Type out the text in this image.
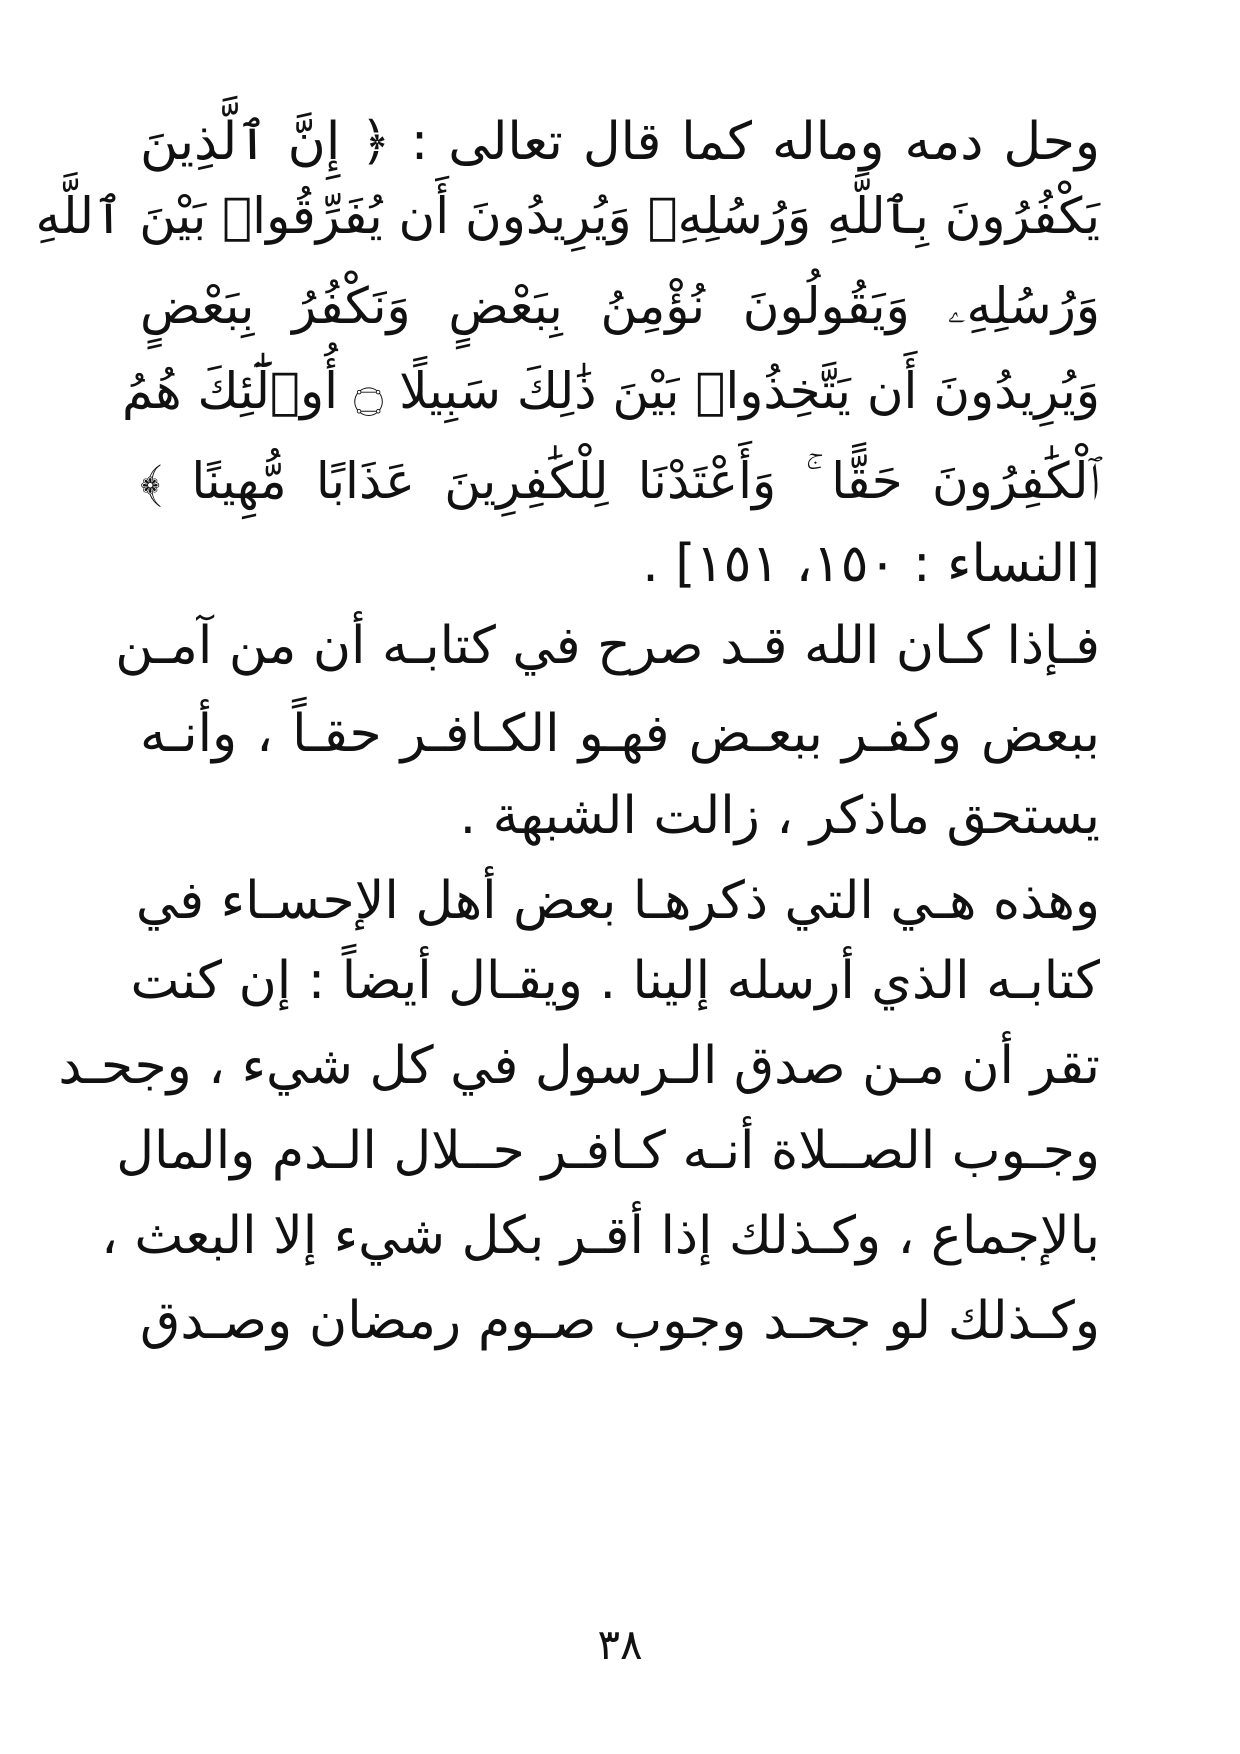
وحل دمه وماله كما قال تعالى : ﴿ إِنَّ ٱلَّذِينَ
يَكْفُرُونَ بِٱللَّهِ وَرُسُلِهِۦ وَيُرِيدُونَ أَن يُفَرِّقُوا۟ بَيْنَ ٱللَّهِ
وَرُسُلِهِۦ وَيَقُولُونَ نُؤْمِنُ بِبَعْضٍ وَنَكْفُرُ بِبَعْضٍ
وَيُرِيدُونَ أَن يَتَّخِذُوا۟ بَيْنَ ذَٰلِكَ سَبِيلًا ۝ أُو۟لَٰٓئِكَ هُمُ
ٱلْكَٰفِرُونَ حَقًّا ۚ وَأَعْتَدْنَا لِلْكَٰفِرِينَ عَذَابًا مُّهِينًا ﴾
[النساء : ١٥٠، ١٥١] .
فـإذا كـان الله قـد صرح في كتابـه أن من آمـن
ببعض وكفـر ببعـض فهـو الكـافـر حقـاً ، وأنـه
يستحق ماذكر ، زالت الشبهة .
وهذه هـي التي ذكرهـا بعض أهل الإحسـاء في
كتابـه الذي أرسله إلينا . ويقـال أيضاً : إن كنت
تقر أن مـن صدق الـرسول في كل شيء ، وجحـد
وجـوب الصــلاة أنـه كـافـر حــلال الـدم والمال
بالإجماع ، وكـذلك إذا أقـر بكل شيء إلا البعث ،
وكـذلك لو جحـد وجوب صـوم رمضان وصـدق
٣٨
